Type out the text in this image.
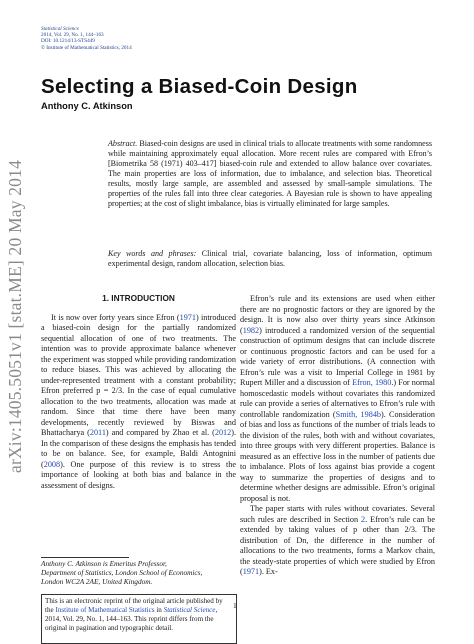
arXiv:1405.5051v1 [stat.ME] 20 May 2014
Statistical Science
2014, Vol. 29, No. 1, 144–163
DOI: 10.1214/13-STS449
© Institute of Mathematical Statistics, 2014
Selecting a Biased-Coin Design
Anthony C. Atkinson
Abstract. Biased-coin designs are used in clinical trials to allocate treatments with some randomness while maintaining approximately equal allocation. More recent rules are compared with Efron’s [Biometrika 58 (1971) 403–417] biased-coin rule and extended to allow balance over covariates. The main properties are loss of information, due to imbalance, and selection bias. Theoretical results, mostly large sample, are assembled and assessed by small-sample simulations. The properties of the rules fall into three clear categories. A Bayesian rule is shown to have appealing properties; at the cost of slight imbalance, bias is virtually eliminated for large samples.
Key words and phrases: Clinical trial, covariate balancing, loss of information, optimum experimental design, random allocation, selection bias.
1. INTRODUCTION

It is now over forty years since Efron (1971) introduced a biased-coin design for the partially randomized sequential allocation of one of two treatments. The intention was to provide approximate balance whenever the experiment was stopped while providing randomization to reduce biases. This was achieved by allocating the under-represented treatment with a constant probability; Efron preferred p = 2/3. In the case of equal cumulative allocation to the two treatments, allocation was made at random. Since that time there have been many developments, recently reviewed by Biswas and Bhattacharya (2011) and compared by Zhao et al. (2012). In the comparison of these designs the emphasis has tended to be on balance. See, for example, Baldi Antognini (2008). One purpose of this review is to stress the importance of looking at both bias and balance in the assessment of designs.

Efron’s rule and its extensions are used when either there are no prognostic factors or they are ignored by the design. It is now also over thirty years since Atkinson (1982) introduced a randomized version of the sequential construction of optimum designs that can include discrete or continuous prognostic factors and can be used for a wide variety of error distributions. (A connection with Efron’s rule was a visit to Imperial College in 1981 by Rupert Miller and a discussion of Efron, 1980.) For normal homoscedastic models without covariates this randomized rule can provide a series of alternatives to Efron’s rule with controllable randomization (Smith, 1984b). Consideration of bias and loss as functions of the number of trials leads to the division of the rules, both with and without covariates, into three groups with very different properties. Balance is measured as an effective loss in the number of patients due to imbalance. Plots of loss against bias provide a cogent way to summarize the properties of designs and to determine whether designs are admissible. Efron’s original proposal is not.

The paper starts with rules without covariates. Several such rules are described in Section 2. Efron’s rule can be extended by taking values of p other than 2/3. The distribution of Dn, the difference in the number of allocations to the two treatments, forms a Markov chain, the steady-state properties of which were studied by Efron (1971). Ex-

Anthony C. Atkinson is Emeritus Professor,
Department of Statistics, London School of Economics,
London WC2A 2AE, United Kingdom.
This is an electronic reprint of the original article published by the Institute of Mathematical Statistics in Statistical Science, 2014, Vol. 29, No. 1, 144–163. This reprint differs from the original in pagination and typographic detail.
1
